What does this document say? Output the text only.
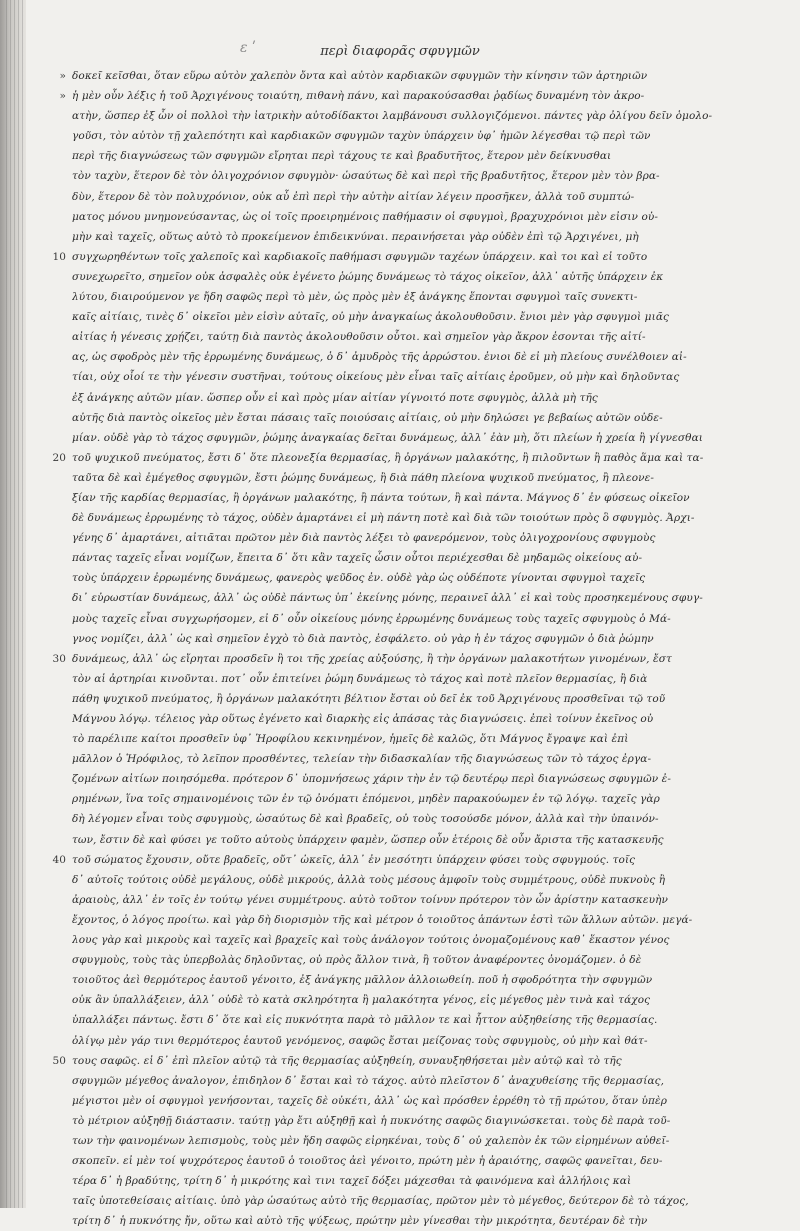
ε ʹ	περὶ διαφορᾶς σφυγμῶν
» δοκεῖ κεῖσθαι, ὅταν εὕρω αὐτὸν χαλεπὸν ὄντα καὶ αὐτὸν καρδιακῶν σφυγμῶν τὴν κίνησιν τῶν ἀρτηριῶν
» ἡ μὲν οὖν λέξις ἡ τοῦ Ἀρχιγένους τοιαύτη, πιθανὴ πάνυ, καὶ παρακούσασθαι ῥᾳδίως δυναμένη τὸν ἀκρο-
ατὴν, ὥσπερ ἐξ ὧν οἱ πολλοὶ τὴν ἰατρικὴν αὐτοδίδακτοι λαμβάνουσι συλλογιζόμενοι. πάντες γὰρ ὀλίγου δεῖν ὁμολο-
γοῦσι, τὸν αὐτὸν τῇ χαλεπότητι καὶ καρδιακῶν σφυγμῶν ταχὺν ὑπάρχειν ὑφ᾽ ἡμῶν λέγεσθαι τῷ περὶ τῶν
περὶ τῆς διαγνώσεως τῶν σφυγμῶν εἴρηται περὶ τάχους τε καὶ βραδυτῆτος, ἕτερον μὲν δείκνυσθαι
τὸν ταχὺν, ἕτερον δὲ τὸν ὀλιγοχρόνιον σφυγμὸν· ὡσαύτως δὲ καὶ περὶ τῆς βραδυτῆτος, ἕτερον μὲν τὸν βρα-
δὺν, ἕτερον δὲ τὸν πολυχρόνιον, οὐκ αὖ ἐπὶ περὶ τὴν αὐτὴν αἰτίαν λέγειν προσῆκεν, ἀλλὰ τοῦ συμπτώ-
ματος μόνου μνημονεύσαντας, ὡς οἱ τοῖς προειρημένοις παθήμασιν οἱ σφυγμοὶ, βραχυχρόνιοι μὲν εἰσιν οὐ-
μὴν καὶ ταχεῖς, οὕτως αὐτὸ τὸ προκείμενον ἐπιδεικνύναι. περαινήσεται γὰρ οὐδὲν ἐπὶ τῷ Ἀρχιγένει, μὴ
10 συγχωρηθέντων τοῖς χαλεποῖς καὶ καρδιακοῖς παθήμασι σφυγμῶν ταχέων ὑπάρχειν. καὶ τοι καὶ εἰ τοῦτο
συνεχωρεῖτο, σημεῖον οὐκ ἀσφαλὲς οὐκ ἐγένετο ῥώμης δυνάμεως τὸ τάχος οἰκεῖον, ἀλλ᾽ αὐτῆς ὑπάρχειν ἐκ
λύτου, διαιρούμενον γε ἤδη σαφῶς περὶ τὸ μὲν, ὡς πρὸς μὲν ἐξ ἀνάγκης ἕπονται σφυγμοὶ ταῖς συνεκτι-
καῖς αἰτίαις, τινὲς δ᾽ οἰκεῖοι μὲν εἰσὶν αὐταῖς, οὐ μὴν ἀναγκαίως ἀκολουθοῦσιν. ἔνιοι μὲν γὰρ σφυγμοὶ μιᾶς
αἰτίας ἡ γένεσις χρῄζει, ταύτῃ διὰ παντὸς ἀκολουθοῦσιν οὗτοι. καὶ σημεῖον γὰρ ἄκρον ἐσονται τῆς αἰτί-
ας, ὡς σφοδρὸς μὲν τῆς ἐρρωμένης δυνάμεως, ὁ δ᾽ ἀμυδρὸς τῆς ἀρρώστου. ἐνιοι δὲ εἰ μὴ πλείους συνέλθοιεν αἰ-
τίαι, οὐχ οἷοί τε τὴν γένεσιν συστῆναι, τούτους οἰκείους μὲν εἶναι ταῖς αἰτίαις ἐροῦμεν, οὐ μὴν καὶ δηλοῦντας
ἐξ ἀνάγκης αὐτῶν μίαν. ὥσπερ οὖν εἰ καὶ πρὸς μίαν αἰτίαν γίγνοιτό ποτε σφυγμὸς, ἀλλὰ μὴ τῆς
αὐτῆς διὰ παντὸς οἰκεῖος μὲν ἔσται πάσαις ταῖς ποιούσαις αἰτίαις, οὐ μὴν δηλώσει γε βεβαίως αὐτῶν οὐδε-
μίαν. οὐδὲ γὰρ τὸ τάχος σφυγμῶν, ῥώμης ἀναγκαίας δεῖται δυνάμεως, ἀλλ᾽ ἐὰν μὴ, ὅτι πλείων ἡ χρεία ἢ γίγνεσθαι
20 τοῦ ψυχικοῦ πνεύματος, ἔστι δ᾽ ὅτε πλεονεξία θερμασίας, ἢ ὀργάνων μαλακότης, ἢ πιλοῦντων ἢ παθὸς ἅμα καὶ τα-
ταῦτα δὲ καὶ ἐμέγεθος σφυγμῶν, ἔστι ῥώμης δυνάμεως, ἢ διὰ πάθη πλείονα ψυχικοῦ πνεύματος, ἢ πλεονε-
ξίαν τῆς καρδίας θερμασίας, ἢ ὀργάνων μαλακότης, ἢ πάντα τούτων, ἢ καὶ πάντα. Μάγνος δ᾽ ἐν φύσεως οἰκεῖον
δὲ δυνάμεως ἐρρωμένης τὸ τάχος, οὐδὲν ἁμαρτάνει εἰ μὴ πάντη ποτὲ καὶ διὰ τῶν τοιούτων πρὸς ὃ σφυγμὸς. Ἀρχι-
γένης δ᾽ ἁμαρτάνει, αἰτιᾶται πρῶτον μὲν διὰ παντὸς λέξει τὸ φανερόμενον, τοὺς ὀλιγοχρονίους σφυγμοὺς
πάντας ταχεῖς εἶναι νομίζων, ἔπειτα δ᾽ ὅτι κἂν ταχεῖς ὦσιν οὗτοι περιέχεσθαι δὲ μηδαμῶς οἰκείους αὐ-
τοὺς ὑπάρχειν ἐρρωμένης δυνάμεως, φανερὸς ψεῦδος ἐν. οὐδὲ γὰρ ὡς οὐδέποτε γίνονται σφυγμοὶ ταχεῖς
δι᾽ εὐρωστίαν δυνάμεως, ἀλλ᾽ ὡς οὐδὲ πάντως ὑπ᾽ ἐκείνης μόνης, περαινεῖ ἀλλ᾽ εἰ καὶ τοὺς προσηκεμένους σφυγ-
μοὺς ταχεῖς εἶναι συγχωρήσομεν, εἰ δ᾽ οὖν οἰκείους μόνης ἐρρωμένης δυνάμεως τοὺς ταχεῖς σφυγμοὺς ὁ Μά-
γνος νομίζει, ἀλλ᾽ ὡς καὶ σημεῖον ἐγχὸ τὸ διὰ παντὸς, ἐσφάλετο. οὐ γὰρ ἡ ἐν τάχος σφυγμῶν ὁ διὰ ῥώμην
30 δυνάμεως, ἀλλ᾽ ὡς εἴρηται προσδεῖν ἢ τοι τῆς χρείας αὐξούσης, ἢ τὴν ὀργάνων μαλακοτήτων γινομένων, ἔστ
τὸν αἱ ἀρτηρίαι κινοῦνται. ποτ᾽ οὖν ἐπιτείνει ῥώμη δυνάμεως τὸ τάχος καὶ ποτὲ πλεῖον θερμασίας, ἢ διὰ
πάθη ψυχικοῦ πνεύματος, ἢ ὀργάνων μαλακότητι βέλτιον ἔσται οὐ δεῖ ἐκ τοῦ Ἀρχιγένους προσθεῖναι τῷ τοῦ
Μάγνου λόγῳ. τέλειος γὰρ οὕτως ἐγένετο καὶ διαρκὴς εἰς ἁπάσας τὰς διαγνώσεις. ἐπεὶ τοίνυν ἐκεῖνος οὐ
τὸ παρέλιπε καίτοι προσθεῖν ὑφ᾽ Ἡροφίλου κεκινημένον, ἡμεῖς δὲ καλῶς, ὅτι Μάγνος ἔγραψε καὶ ἐπὶ
μᾶλλον ὁ Ἡρόφιλος, τὸ λεῖπον προσθέντες, τελείαν τὴν διδασκαλίαν τῆς διαγνώσεως τῶν τὸ τάχος ἐργα-
ζομένων αἰτίων ποιησόμεθα. πρότερον δ᾽ ὑπομνήσεως χάριν τὴν ἐν τῷ δευτέρῳ περὶ διαγνώσεως σφυγμῶν ἐ-
ρημένων, ἵνα τοῖς σημαινομένοις τῶν ἐν τῷ ὀνόματι ἑπόμενοι, μηδὲν παρακούωμεν ἐν τῷ λόγῳ. ταχεῖς γὰρ
δὴ λέγομεν εἶναι τοὺς σφυγμοὺς, ὡσαύτως δὲ καὶ βραδεῖς, οὐ τοὺς τοσούσδε μόνον, ἀλλὰ καὶ τὴν ὑπαινόν-
των, ἔστιν δὲ καὶ φύσει γε τοῦτο αὐτοὺς ὑπάρχειν φαμὲν, ὥσπερ οὖν ἑτέροις δὲ οὖν ἄριστα τῆς κατασκευῆς
40 τοῦ σώματος ἔχουσιν, οὔτε βραδεῖς, οὔτ᾽ ὠκεῖς, ἀλλ᾽ ἐν μεσότητι ὑπάρχειν φύσει τοὺς σφυγμούς. τοῖς
δ᾽ αὐτοῖς τούτοις οὐδὲ μεγάλους, οὐδὲ μικρούς, ἀλλὰ τοὺς μέσους ἀμφοῖν τοὺς συμμέτρους, οὐδὲ πυκνοὺς ἢ
ἀραιοὺς, ἀλλ᾽ ἐν τοῖς ἐν τούτῳ γένει συμμέτρους. αὐτὸ τοῦτον τοίνυν πρότερον τὸν ὧν ἀρίστην κατασκευὴν
ἔχοντος, ὁ λόγος προίτω. καὶ γὰρ δὴ διορισμὸν τῆς καὶ μέτρον ὁ τοιοῦτος ἁπάντων ἐστὶ τῶν ἄλλων αὐτῶν. μεγά-
λους γὰρ καὶ μικροὺς καὶ ταχεῖς καὶ βραχεῖς καὶ τοὺς ἀνάλογον τούτοις ὀνομαζομένους καθ᾽ ἕκαστον γένος
σφυγμοὺς, τοὺς τὰς ὑπερβολὰς δηλοῦντας, οὐ πρὸς ἄλλον τινὰ, ἢ τοῦτον ἀναφέροντες ὀνομάζομεν. ὁ δὲ
τοιοῦτος ἀεὶ θερμότερος ἑαυτοῦ γένοιτο, ἐξ ἀνάγκης μᾶλλον ἀλλοιωθείη. ποῦ ἡ σφοδρότητα τὴν σφυγμῶν
οὐκ ἂν ὑπαλλάξειεν, ἀλλ᾽ οὐδὲ τὸ κατὰ σκληρότητα ἢ μαλακότητα γένος, εἰς μέγεθος μὲν τινὰ καὶ τάχος
ὑπαλλάξει πάντως. ἔστι δ᾽ ὅτε καὶ εἰς πυκνότητα παρὰ τὸ μᾶλλον τε καὶ ἧττον αὐξηθείσης τῆς θερμασίας.
ὀλίγῳ μὲν γάρ τινι θερμότερος ἑαυτοῦ γενόμενος, σαφῶς ἔσται μείζονας τοὺς σφυγμοὺς, οὐ μὴν καὶ θάτ-
50 τους σαφῶς. εἰ δ᾽ ἐπὶ πλεῖον αὐτῷ τὰ τῆς θερμασίας αὐξηθείη, συναυξηθήσεται μὲν αὐτῷ καὶ τὸ τῆς
σφυγμῶν μέγεθος ἀναλογον, ἐπιδηλον δ᾽ ἔσται καὶ τὸ τάχος. αὐτὸ πλεῖστον δ᾽ ἀναχυθείσης τῆς θερμασίας,
μέγιστοι μὲν οἱ σφυγμοὶ γενήσονται, ταχεῖς δὲ οὐκέτι, ἀλλ᾽ ὡς καὶ πρόσθεν ἐρρέθη τὸ τῇ πρώτου, ὅταν ὑπὲρ
τὸ μέτριον αὐξηθῇ διάστασιν. ταύτῃ γὰρ ἔτι αὐξηθῇ καὶ ἡ πυκνότης σαφῶς διαγινώσκεται. τοὺς δὲ παρὰ τοῦ-
των τὴν φαινομένων λεπισμοὺς, τοὺς μὲν ἤδη σαφῶς εἰρηκέναι, τοὺς δ᾽ οὐ χαλεπὸν ἐκ τῶν εἰρημένων αὐθεῖ-
σκοπεῖν. εἰ μὲν τοί ψυχρότερος ἑαυτοῦ ὁ τοιοῦτος ἀεὶ γένοιτο, πρώτη μὲν ἡ ἀραιότης, σαφῶς φανεῖται, δευ-
τέρα δ᾽ ἡ βραδύτης, τρίτη δ᾽ ἡ μικρότης καὶ τινι ταχεῖ δόξει μάχεσθαι τὰ φαινόμενα καὶ ἀλλήλοις καὶ
ταῖς ὑποτεθείσαις αἰτίαις. ὑπὸ γὰρ ὡσαύτως αὐτὸ τῆς θερμασίας, πρῶτον μὲν τὸ μέγεθος, δεύτερον δὲ τὸ τάχος,
τρίτη δ᾽ ἡ πυκνότης ἤν, οὕτω καὶ αὐτὸ τῆς ψύξεως, πρώτην μὲν γίνεσθαι τὴν μικρότητα, δευτέραν δὲ τὴν
